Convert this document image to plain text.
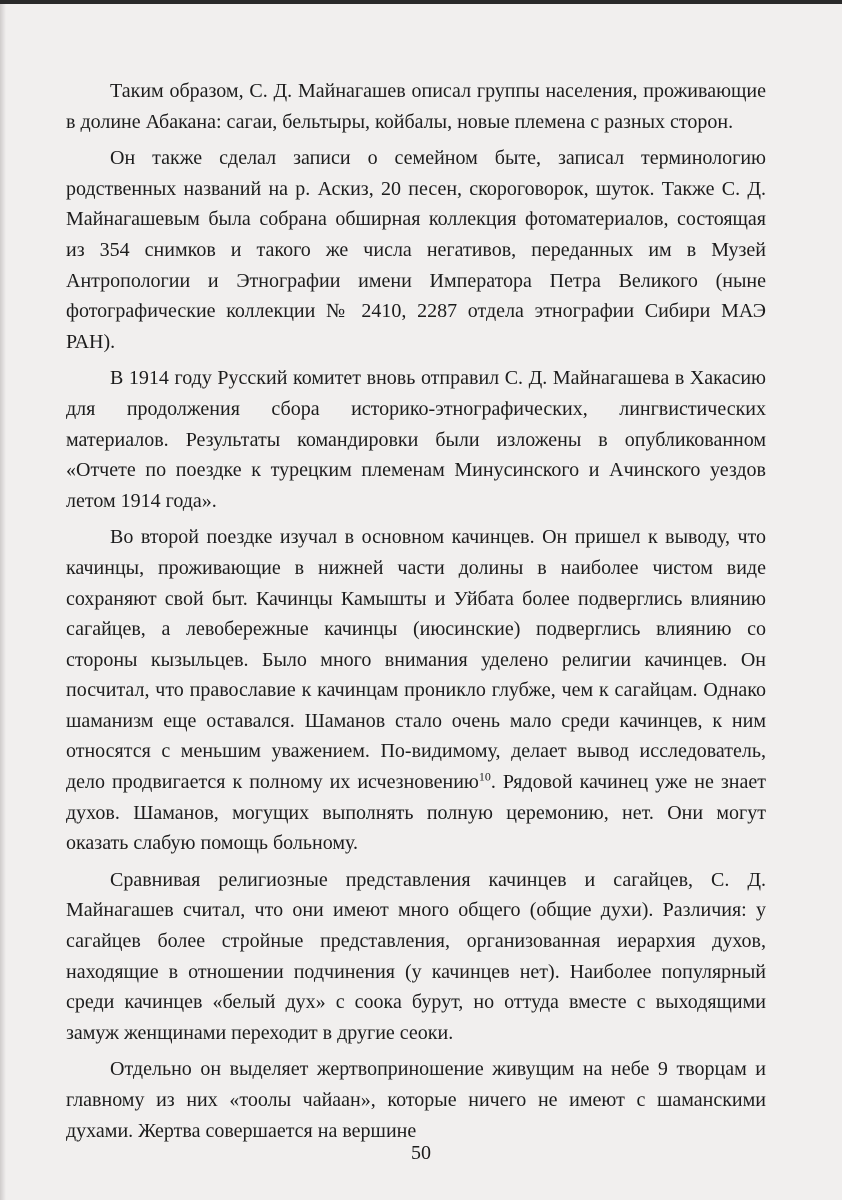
Таким образом, С. Д. Майнагашев описал группы населения, проживающие в долине Абакана: сагаи, бельтыры, койбалы, новые племена с разных сторон.

Он также сделал записи о семейном быте, записал терминологию родственных названий на р. Аскиз, 20 песен, скороговорок, шуток. Также С. Д. Майнагашевым была собрана обширная коллекция фотоматериалов, состоящая из 354 снимков и такого же числа негативов, переданных им в Музей Антропологии и Этнографии имени Императора Петра Великого (ныне фотографические коллекции № 2410, 2287 отдела этнографии Сибири МАЭ РАН).

В 1914 году Русский комитет вновь отправил С. Д. Майнагашева в Хакасию для продолжения сбора историко-этнографических, лингвистических материалов. Результаты командировки были изложены в опубликованном «Отчете по поездке к турецким племенам Минусинского и Ачинского уездов летом 1914 года».

Во второй поездке изучал в основном качинцев. Он пришел к выводу, что качинцы, проживающие в нижней части долины в наиболее чистом виде сохраняют свой быт. Качинцы Камышты и Уйбата более подверглись влиянию сагайцев, а левобережные качинцы (июсинские) подверглись влиянию со стороны кызыльцев. Было много внимания уделено религии качинцев. Он посчитал, что православие к качинцам проникло глубже, чем к сагайцам. Однако шаманизм еще оставался. Шаманов стало очень мало среди качинцев, к ним относятся с меньшим уважением. По-видимому, делает вывод исследователь, дело продвигается к полному их исчезновению$^{10}$. Рядовой качинец уже не знает духов. Шаманов, могущих выполнять полную церемонию, нет. Они могут оказать слабую помощь больному.

Сравнивая религиозные представления качинцев и сагайцев, С. Д. Майнагашев считал, что они имеют много общего (общие духи). Различия: у сагайцев более стройные представления, организованная иерархия духов, находящие в отношении подчинения (у качинцев нет). Наиболее популярный среди качинцев «белый дух» с соока бурут, но оттуда вместе с выходящими замуж женщинами переходит в другие сеоки.

Отдельно он выделяет жертвоприношение живущим на небе 9 творцам и главному из них «тоолы чайаан», которые ничего не имеют с шаманскими духами. Жертва совершается на вершине

50
